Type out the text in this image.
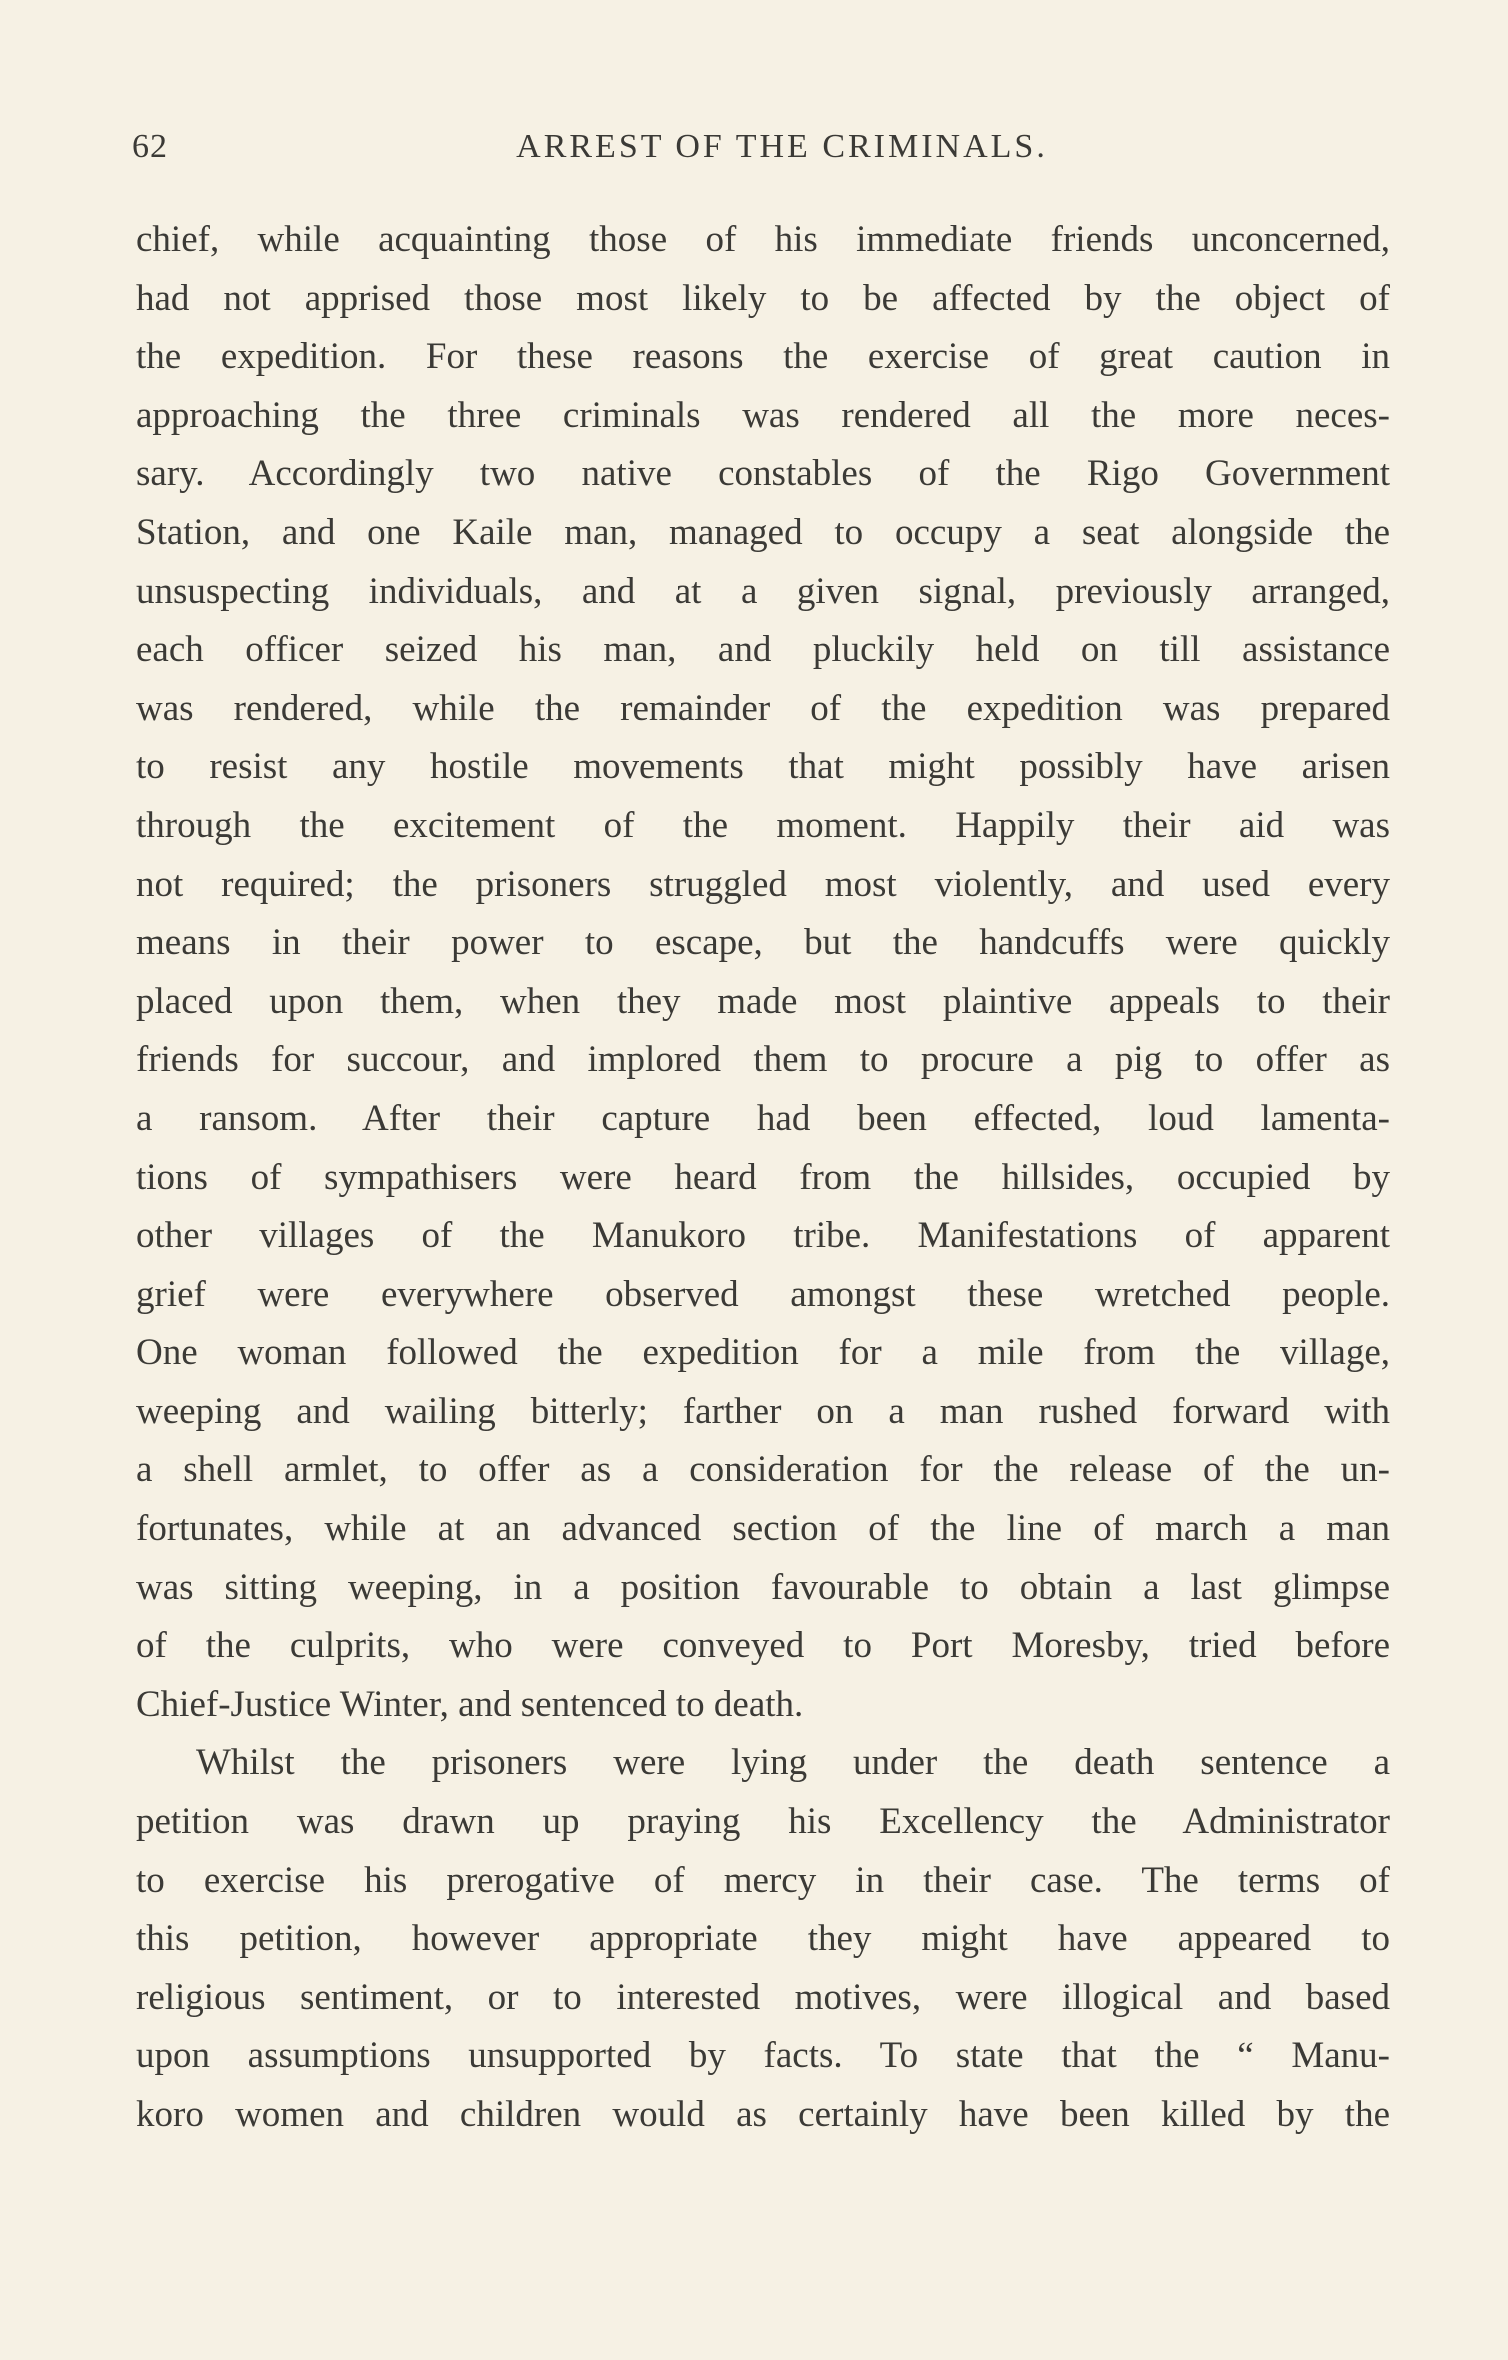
62	ARREST OF THE CRIMINALS.
chief, while acquainting those of his immediate friends unconcerned,
had not apprised those most likely to be affected by the object of
the expedition. For these reasons the exercise of great caution in
approaching the three criminals was rendered all the more neces-
sary. Accordingly two native constables of the Rigo Government
Station, and one Kaile man, managed to occupy a seat alongside the
unsuspecting individuals, and at a given signal, previously arranged,
each officer seized his man, and pluckily held on till assistance
was rendered, while the remainder of the expedition was prepared
to resist any hostile movements that might possibly have arisen
through the excitement of the moment. Happily their aid was
not required; the prisoners struggled most violently, and used every
means in their power to escape, but the handcuffs were quickly
placed upon them, when they made most plaintive appeals to their
friends for succour, and implored them to procure a pig to offer as
a ransom. After their capture had been effected, loud lamenta-
tions of sympathisers were heard from the hillsides, occupied by
other villages of the Manukoro tribe. Manifestations of apparent
grief were everywhere observed amongst these wretched people.
One woman followed the expedition for a mile from the village,
weeping and wailing bitterly; farther on a man rushed forward with
a shell armlet, to offer as a consideration for the release of the un-
fortunates, while at an advanced section of the line of march a man
was sitting weeping, in a position favourable to obtain a last glimpse
of the culprits, who were conveyed to Port Moresby, tried before
Chief-Justice Winter, and sentenced to death.
Whilst the prisoners were lying under the death sentence a
petition was drawn up praying his Excellency the Administrator
to exercise his prerogative of mercy in their case. The terms of
this petition, however appropriate they might have appeared to
religious sentiment, or to interested motives, were illogical and based
upon assumptions unsupported by facts. To state that the “ Manu-
koro women and children would as certainly have been killed by the
